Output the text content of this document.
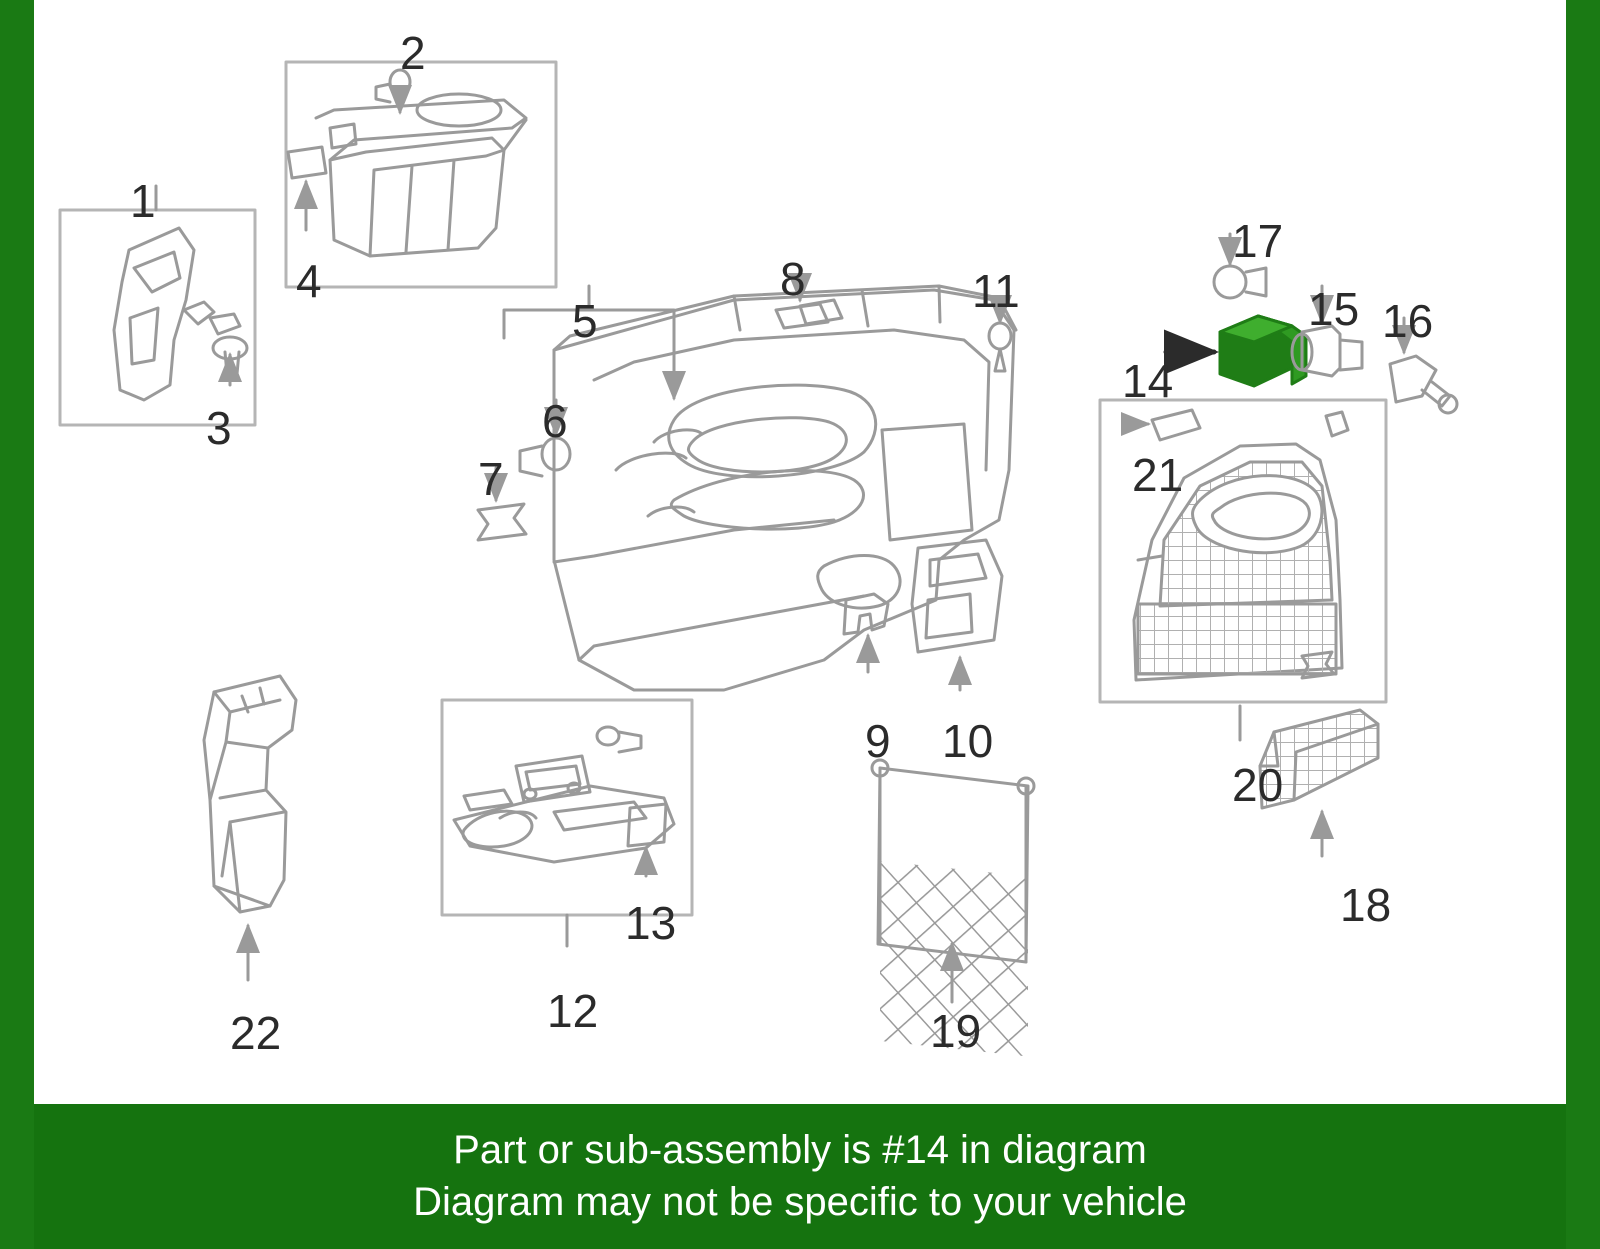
1
2
3
4
5
6
7
8
9 10
11
12
13
14
15 16
17
18
19
20
21
22
Part or sub-assembly is #14 in diagram
Diagram may not be specific to your vehicle
